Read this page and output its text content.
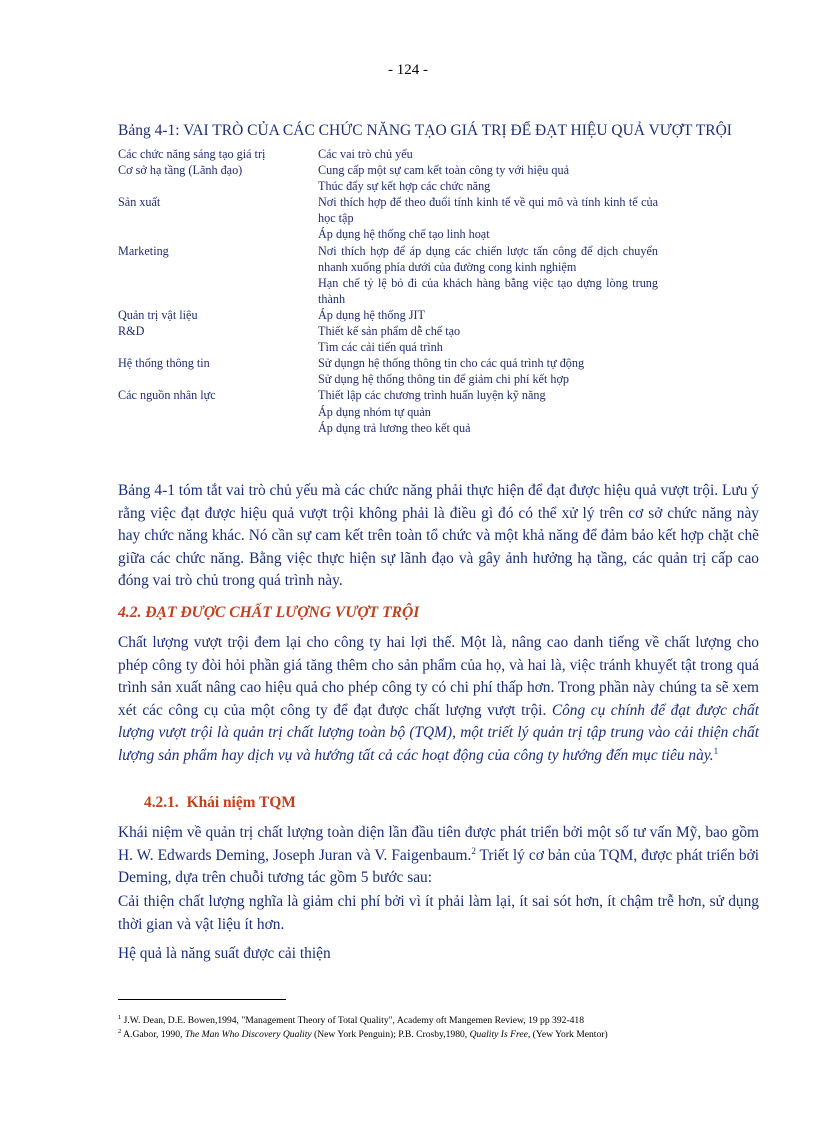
- 124 -
Bảng 4-1: VAI TRÒ CỦA CÁC CHỨC NĂNG TẠO GIÁ TRỊ ĐỂ ĐẠT HIỆU QUẢ VƯỢT TRỘI
Các chức năng sáng tạo giá trị	Các vai trò chủ yếu
Cơ sở hạ tầng (Lãnh đạo)	Cung cấp một sự cam kết toàn công ty với hiệu quả
Thúc đẩy sự kết hợp các chức năng
Sản xuất	Nơi thích hợp để theo đuổi tính kinh tế về qui mô và tính kinh tế của học tập
Áp dụng hệ thống chế tạo linh hoạt
Marketing	Nơi thích hợp để áp dụng các chiến lược tấn công để dịch chuyển nhanh xuống phía dưới của đường cong kinh nghiệm
Hạn chế tỷ lệ bỏ đi của khách hàng bằng việc tạo dựng lòng trung thành
Quản trị vật liệu	Áp dụng hệ thống JIT
R&D	Thiết kế sản phẩm dễ chế tạo
Tìm các cải tiến quá trình
Hệ thống thông tin	Sử dụngn hệ thống thông tin cho các quá trình tự động
Sử dụng hệ thống thông tin để giảm chi phí kết hợp
Các nguồn nhân lực	Thiết lập các chương trình huấn luyện kỹ năng
Áp dụng nhóm tự quản
Áp dụng trả lương theo kết quả

Bảng 4-1 tóm tắt vai trò chủ yếu mà các chức năng phải thực hiện để đạt được hiệu quả vượt trội. Lưu ý rằng việc đạt được hiệu quả vượt trội không phải là điều gì đó có thể xử lý trên cơ sở chức năng này hay chức năng khác. Nó cần sự cam kết trên toàn tổ chức và một khả năng để đảm bảo kết hợp chặt chẽ giữa các chức năng. Bằng việc thực hiện sự lãnh đạo và gây ảnh hưởng hạ tầng, các quản trị cấp cao đóng vai trò chủ trong quá trình này.

4.2. ĐẠT ĐƯỢC CHẤT LƯỢNG VƯỢT TRỘI

Chất lượng vượt trội đem lại cho công ty hai lợi thế. Một là, nâng cao danh tiếng về chất lượng cho phép công ty đòi hỏi phần giá tăng thêm cho sản phẩm của họ, và hai là, việc tránh khuyết tật trong quá trình sản xuất nâng cao hiệu quả cho phép công ty có chi phí thấp hơn. Trong phần này chúng ta sẽ xem xét các công cụ của một công ty để đạt được chất lượng vượt trội. Công cụ chính để đạt được chất lượng vượt trội là quản trị chất lượng toàn bộ (TQM), một triết lý quản trị tập trung vào cải thiện chất lượng sản phẩm hay dịch vụ và hướng tất cả các hoạt động của công ty hướng đến mục tiêu này.$^1$

4.2.1. Khái niệm TQM

Khái niệm về quản trị chất lượng toàn diện lần đầu tiên được phát triển bởi một số tư vấn Mỹ, bao gồm H. W. Edwards Deming, Joseph Juran và V. Faigenbaum.$^2$ Triết lý cơ bản của TQM, được phát triển bởi Deming, dựa trên chuỗi tương tác gồm 5 bước sau:

Cải thiện chất lượng nghĩa là giảm chi phí bởi vì ít phải làm lại, ít sai sót hơn, ít chậm trễ hơn, sử dụng thời gian và vật liệu ít hơn.

Hệ quả là năng suất được cải thiện

$^1$ J.W. Dean, D.E. Bowen,1994, "Management Theory of Total Quality", Academy oft Mangemen Review, 19 pp 392-418
$^2$ A.Gabor, 1990, The Man Who Discovery Quality (New York Penguin); P.B. Crosby,1980, Quality Is Free, (Yew York Mentor)
